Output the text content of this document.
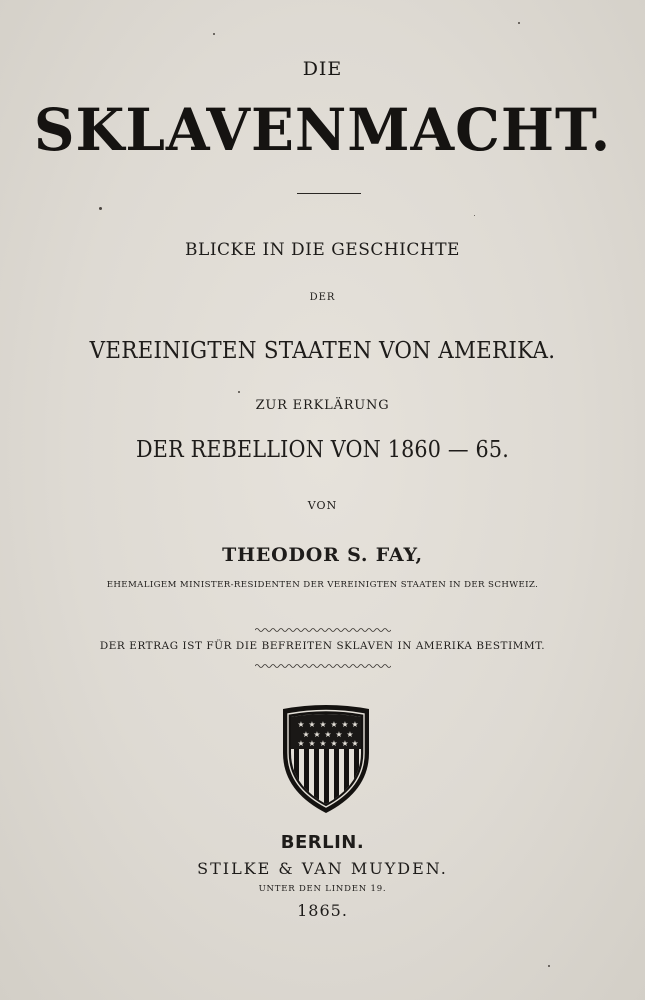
DIE

SKLAVENMACHT.

BLICKE IN DIE GESCHICHTE

DER

VEREINIGTEN STAATEN VON AMERIKA.

ZUR ERKLÄRUNG

DER REBELLION VON 1860 — 65.

VON

THEODOR S. FAY,

EHEMALIGEM MINISTER-RESIDENTEN DER VEREINIGTEN STAATEN IN DER SCHWEIZ.

DER ERTRAG IST FÜR DIE BEFREITEN SKLAVEN IN AMERIKA BESTIMMT.

★ ★ ★ ★ ★ ★
★ ★ ★ ★ ★
★ ★ ★ ★ ★ ★

BERLIN.

STILKE & VAN MUYDEN.

UNTER DEN LINDEN 19.

1865.
